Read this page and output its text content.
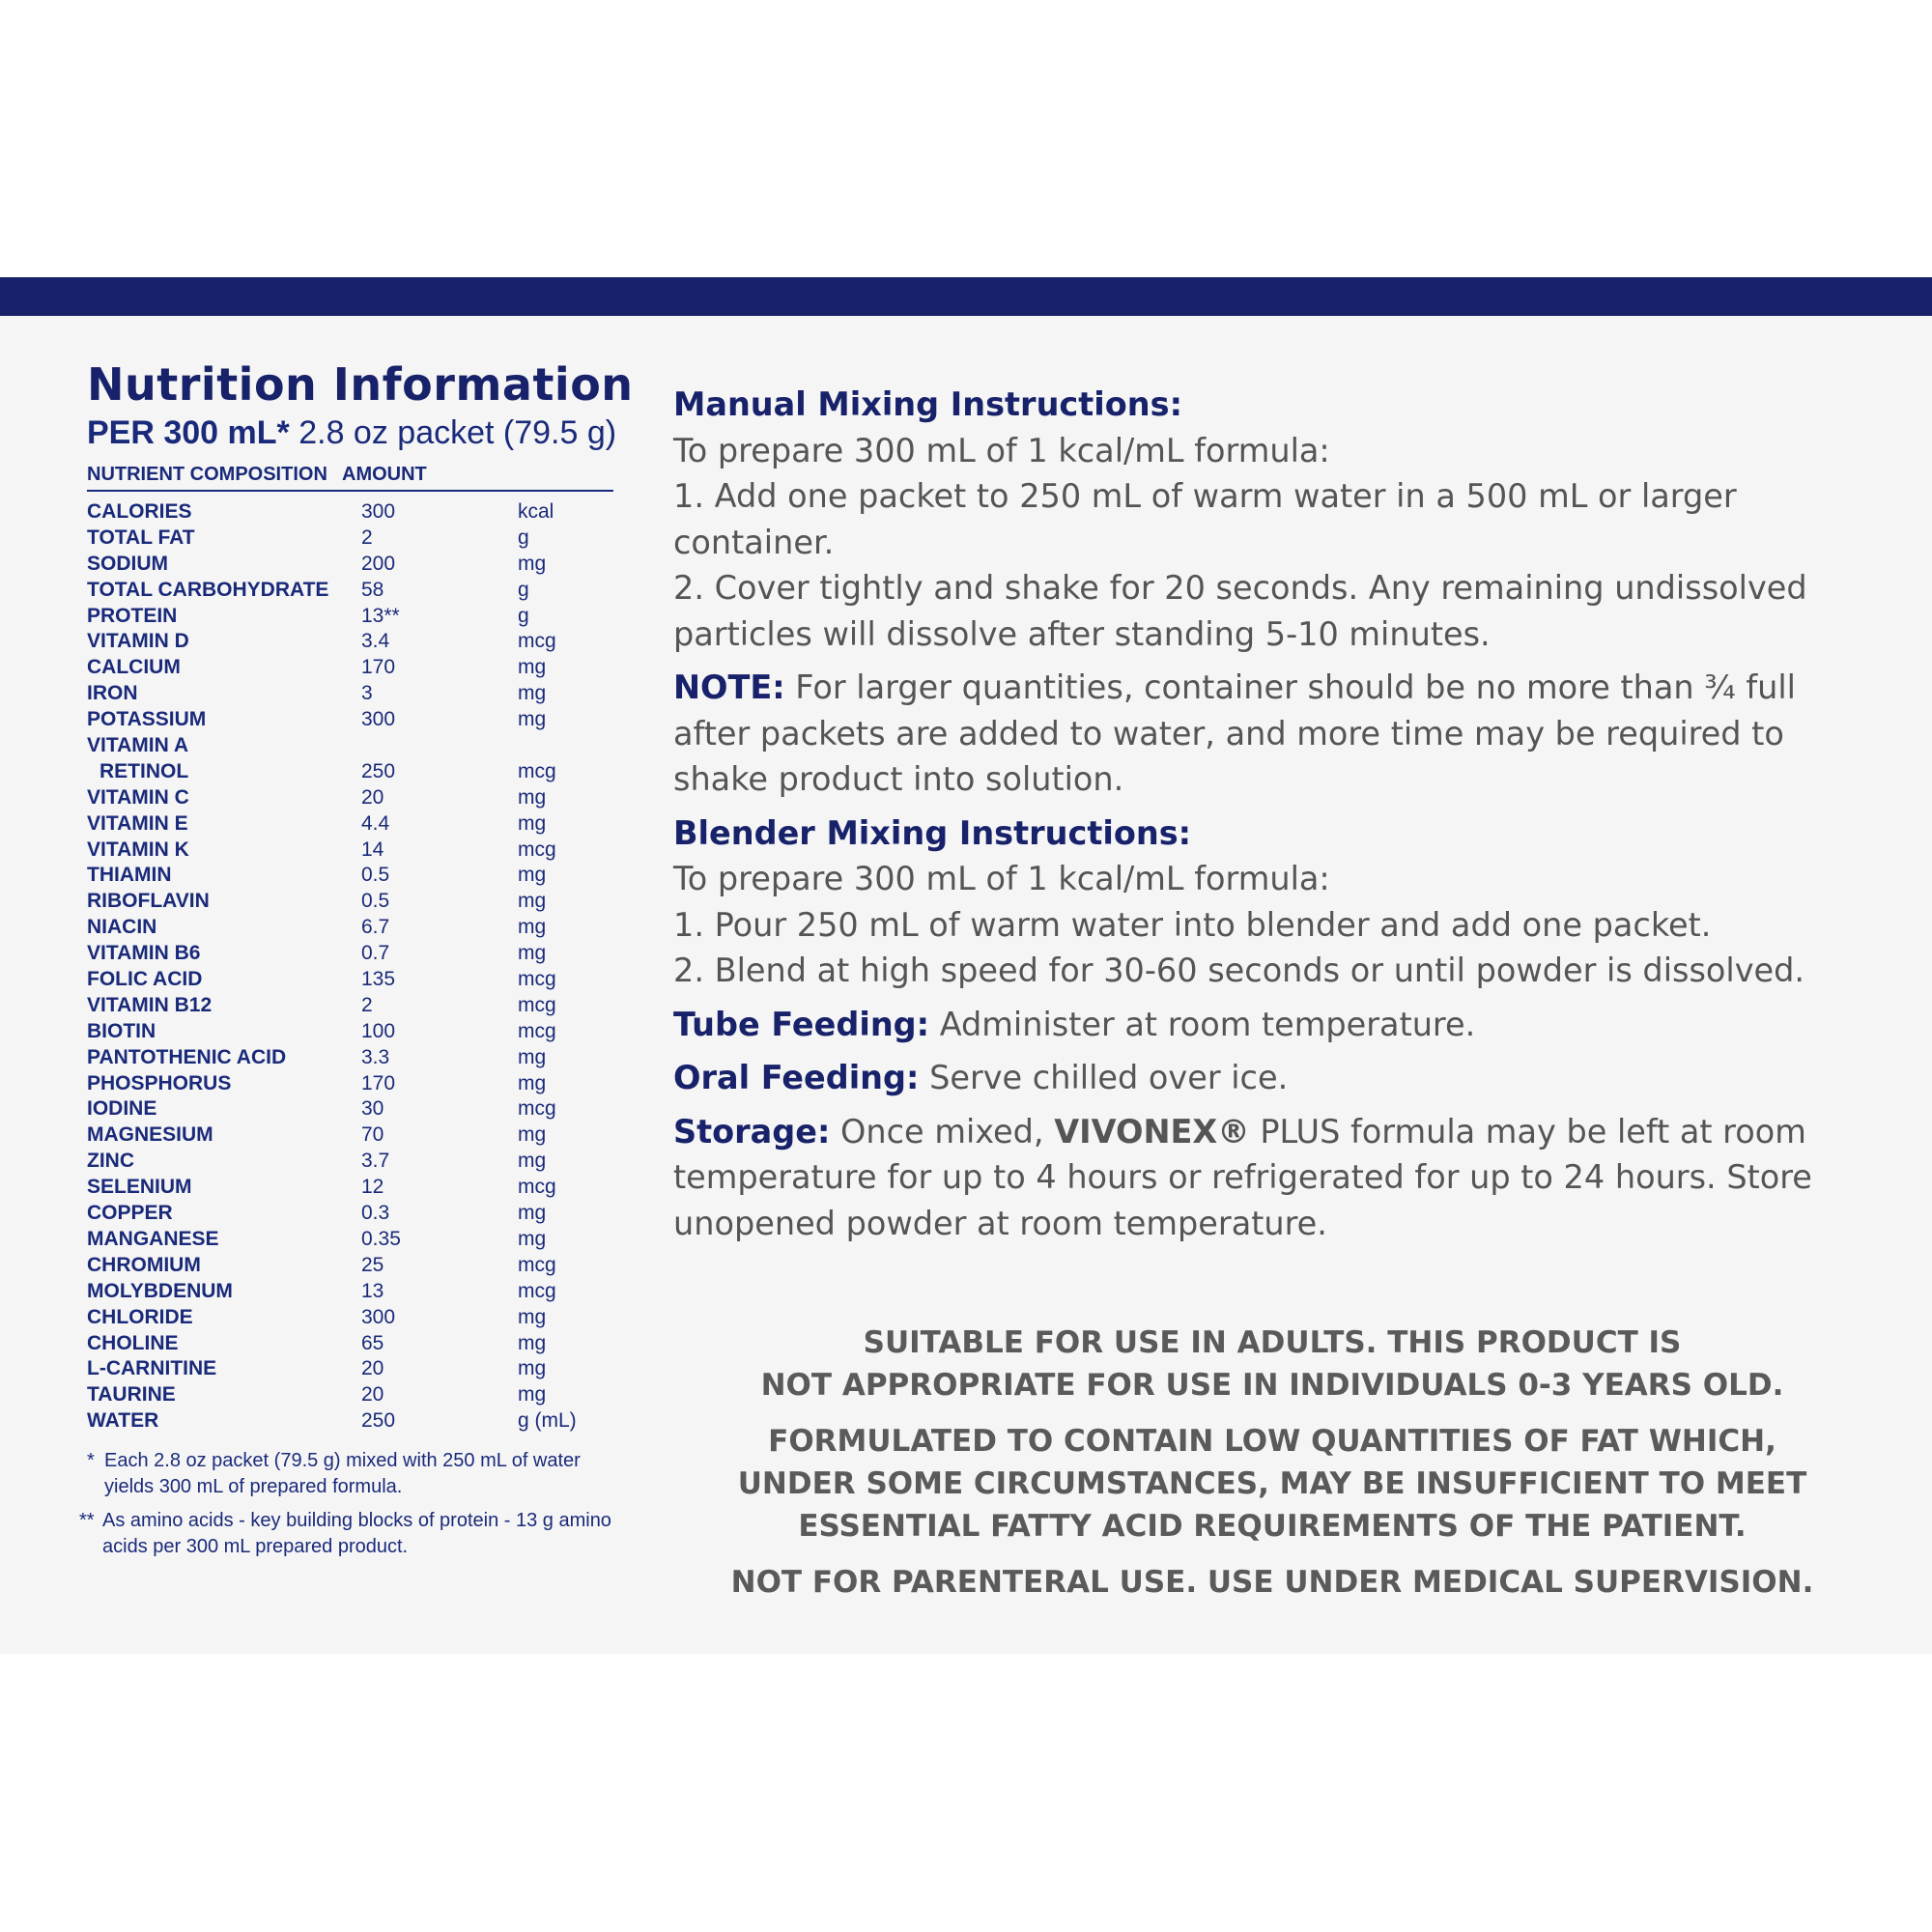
Nutrition Information
PER 300 mL* 2.8 oz packet (79.5 g)
NUTRIENT COMPOSITION AMOUNT
CALORIES	300	kcal
TOTAL FAT	2	g
SODIUM	200	mg
TOTAL CARBOHYDRATE	58	g
PROTEIN	13**	g
VITAMIN D	3.4	mcg
CALCIUM	170	mg
IRON	3	mg
POTASSIUM	300	mg
VITAMIN A
RETINOL	250	mcg
VITAMIN C	20	mg
VITAMIN E	4.4	mg
VITAMIN K	14	mcg
THIAMIN	0.5	mg
RIBOFLAVIN	0.5	mg
NIACIN	6.7	mg
VITAMIN B6	0.7	mg
FOLIC ACID	135	mcg
VITAMIN B12	2	mcg
BIOTIN	100	mcg
PANTOTHENIC ACID	3.3	mg
PHOSPHORUS	170	mg
IODINE	30	mcg
MAGNESIUM	70	mg
ZINC	3.7	mg
SELENIUM	12	mcg
COPPER	0.3	mg
MANGANESE	0.35	mg
CHROMIUM	25	mcg
MOLYBDENUM	13	mcg
CHLORIDE	300	mg
CHOLINE	65	mg
L-CARNITINE	20	mg
TAURINE	20	mg
WATER	250	g (mL)
* Each 2.8 oz packet (79.5 g) mixed with 250 mL of water yields 300 mL of prepared formula.
** As amino acids - key building blocks of protein - 13 g amino acids per 300 mL prepared product.

Manual Mixing Instructions:

To prepare 300 mL of 1 kcal/mL formula:

1. Add one packet to 250 mL of warm water in a 500 mL or larger container.

2. Cover tightly and shake for 20 seconds. Any remaining undissolved particles will dissolve after standing 5-10 minutes.

NOTE: For larger quantities, container should be no more than ¾ full after packets are added to water, and more time may be required to shake product into solution.

Blender Mixing Instructions:

To prepare 300 mL of 1 kcal/mL formula:

1. Pour 250 mL of warm water into blender and add one packet.

2. Blend at high speed for 30-60 seconds or until powder is dissolved.

Tube Feeding: Administer at room temperature.

Oral Feeding: Serve chilled over ice.

Storage: Once mixed, VIVONEX® PLUS formula may be left at room temperature for up to 4 hours or refrigerated for up to 24 hours. Store unopened powder at room temperature.

SUITABLE FOR USE IN ADULTS. THIS PRODUCT IS
NOT APPROPRIATE FOR USE IN INDIVIDUALS 0-3 YEARS OLD.
FORMULATED TO CONTAIN LOW QUANTITIES OF FAT WHICH,
UNDER SOME CIRCUMSTANCES, MAY BE INSUFFICIENT TO MEET
ESSENTIAL FATTY ACID REQUIREMENTS OF THE PATIENT.
NOT FOR PARENTERAL USE. USE UNDER MEDICAL SUPERVISION.
